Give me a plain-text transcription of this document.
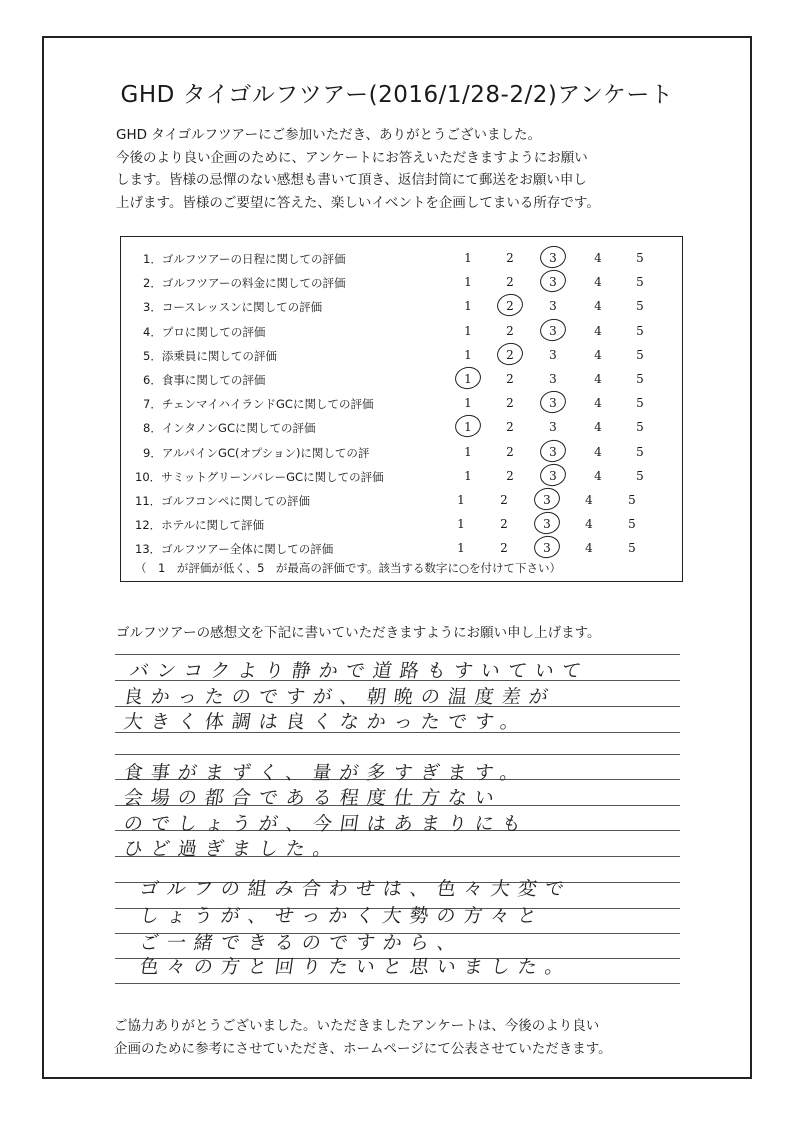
GHD タイゴルフツアー(2016/1/28-2/2)アンケート
GHD タイゴルフツアーにご参加いただき、ありがとうございました。
今後のより良い企画のために、アンケートにお答えいただきますようにお願い
します。皆様の忌憚のない感想も書いて頂き、返信封筒にて郵送をお願い申し
上げます。皆様のご要望に答えた、楽しいイベントを企画してまいる所存です。
（　1　が評価が低く、5　が最高の評価です。該当する数字に○を付けて下さい）
1．ゴルフツアーの日程に関しての評価	1	2	3	4	5
2．ゴルフツアーの料金に関しての評価	1	2	3	4	5
3．コースレッスンに関しての評価	1	2	3	4	5
4．プロに関しての評価	1	2	3	4	5
5．添乗員に関しての評価	1	2	3	4	5
6．食事に関しての評価	1	2	3	4	5
7．チェンマイハイランドGCに関しての評価	1	2	3	4	5
8．インタノンGCに関しての評価	1	2	3	4	5
9．アルパインGC(オプション)に関しての評	1	2	3	4	5
10．サミットグリーンバレーGCに関しての評価	1	2	3	4	5
11．ゴルフコンペに関しての評価	1	2	3	4	5
12．ホテルに関して評価	1	2	3	4	5
13．ゴルフツアー全体に関しての評価	1	2	3	4	5
ゴルフツアーの感想文を下記に書いていただきますようにお願い申し上げます。
バンコクより静かで道路もすいていて
良かったのですが、朝晩の温度差が
大きく体調は良くなかったです。
食事がまずく、量が多すぎます。
会場の都合である程度仕方ない
のでしょうが、今回はあまりにも
ひど過ぎました。
ゴルフの組み合わせは、色々大変で
しょうが、せっかく大勢の方々と
ご一緒できるのですから、
色々の方と回りたいと思いました。
ご協力ありがとうございました。いただきましたアンケートは、今後のより良い
企画のために参考にさせていただき、ホームページにて公表させていただきます。
